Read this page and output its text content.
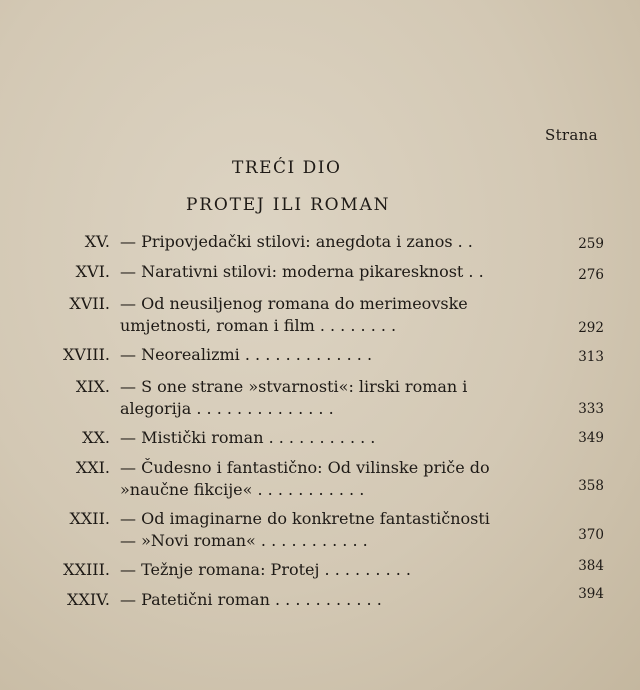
Strana
TREĆI DIO
PROTEJ ILI ROMAN
XV. — Pripovjedački stilovi: anegdota i zanos . .	259
XVI. — Narativni stilovi: moderna pikaresknost . .	276
XVII. — Od neusiljenog romana do merimeovske
umjetnosti, roman i film . . . . . . . .	292
XVIII. — Neorealizmi . . . . . . . . . . . . .	313
XIX. — S one strane »stvarnosti«: lirski roman i
alegorija . . . . . . . . . . . . . .	333
XX. — Mistički roman . . . . . . . . . . .	349
XXI. — Čudesno i fantastično: Od vilinske priče do
»naučne fikcije« . . . . . . . . . . .	358
XXII. — Od imaginarne do konkretne fantastičnosti
— »Novi roman« . . . . . . . . . . .	370
XXIII. — Težnje romana: Protej . . . . . . . . .	384
XXIV. — Patetični roman . . . . . . . . . . .	394
